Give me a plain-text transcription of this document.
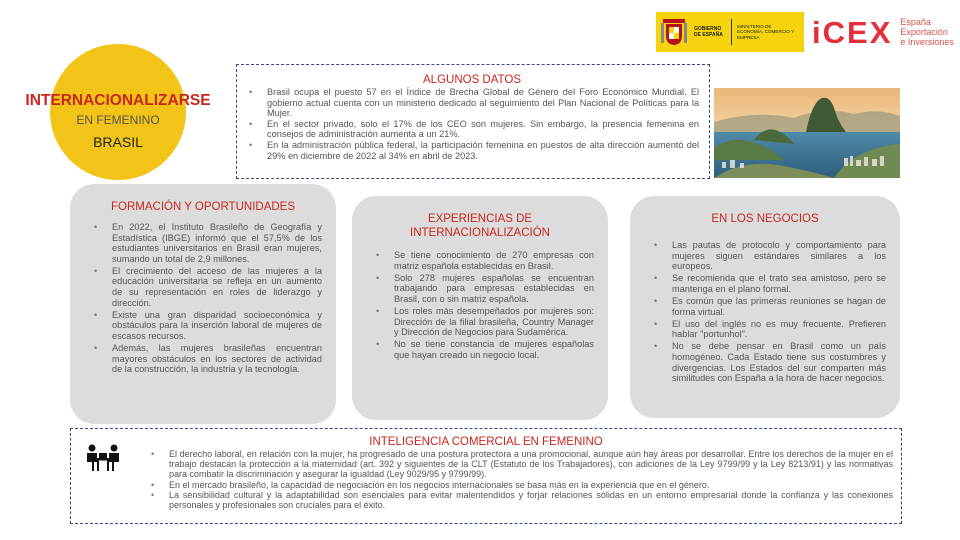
GOBIERNO DE ESPAÑA
MINISTERIO DE ECONOMÍA, COMERCIO Y EMPRESA	iCEX España
Exportación
e Inversiones
INTERNACIONALIZARSE
EN FEMENINO
BRASIL
ALGUNOS DATOS
• Brasil ocupa el puesto 57 en el Índice de Brecha Global de Género del Foro Económico Mundial. El gobierno actual cuenta con un ministerio dedicado al seguimiento del Plan Nacional de Políticas para la Mujer.
• En el sector privado, solo el 17% de los CEO son mujeres. Sin embargo, la presencia femenina en consejos de administración aumenta a un 21%.
• En la administración pública federal, la participación femenina en puestos de alta dirección aumentó del 29% en diciembre de 2022 al 34% en abril de 2023.
FORMACIÓN Y OPORTUNIDADES
• En 2022, el Instituto Brasileño de Geografía y Estadística (IBGE) informó que el 57,5% de los estudiantes universitarios en Brasil eran mujeres, sumando un total de 2,9 millones.
• El crecimiento del acceso de las mujeres a la educación universitaria se refleja en un aumento de su representación en roles de liderazgo y dirección.
• Existe una gran disparidad socioeconómica y obstáculos para la inserción laboral de mujeres de escasos recursos.
• Además, las mujeres brasileñas encuentran mayores obstáculos en los sectores de actividad de la construcción, la industria y la tecnología.
EXPERIENCIAS DE INTERNACIONALIZACIÓN
• Se tiene conocimiento de 270 empresas con matriz española establecidas en Brasil.
• Solo 278 mujeres españolas se encuentran trabajando para empresas establecidas en Brasil, con o sin matriz española.
• Los roles más desempeñados por mujeres son: Dirección de la filial brasileña, Country Manager y Dirección de Negocios para Sudamérica.
• No se tiene constancia de mujeres españolas que hayan creado un negocio local.
EN LOS NEGOCIOS
• Las pautas de protocolo y comportamiento para mujeres siguen estándares similares a los europeos.
• Se recomienda que el trato sea amistoso, pero se mantenga en el plano formal.
• Es común que las primeras reuniones se hagan de forma virtual.
• El uso del inglés no es muy frecuente. Prefieren hablar "portunhol".
• No se debe pensar en Brasil como un país homogéneo. Cada Estado tiene sus costumbres y divergencias. Los Estados del sur comparten más similitudes con España a la hora de hacer negocios.
INTELIGENCIA COMERCIAL EN FEMENINO
• El derecho laboral, en relación con la mujer, ha progresado de una postura protectora a una promocional, aunque aún hay áreas por desarrollar. Entre los derechos de la mujer en el trabajo destacan la protección a la maternidad (art. 392 y siguientes de la CLT (Estatuto de los Trabajadores), con adiciones de la Ley 9799/99 y la Ley 8213/91) y las normativas para combatir la discriminación y asegurar la igualdad (Ley 9029/95 y 9799/99).
• En el mercado brasileño, la capacidad de negociación en los negocios internacionales se basa más en la experiencia que en el género.
• La sensibilidad cultural y la adaptabilidad son esenciales para evitar malentendidos y forjar relaciones sólidas en un entorno empresarial donde la confianza y las conexiones personales y profesionales son cruciales para el éxito.
